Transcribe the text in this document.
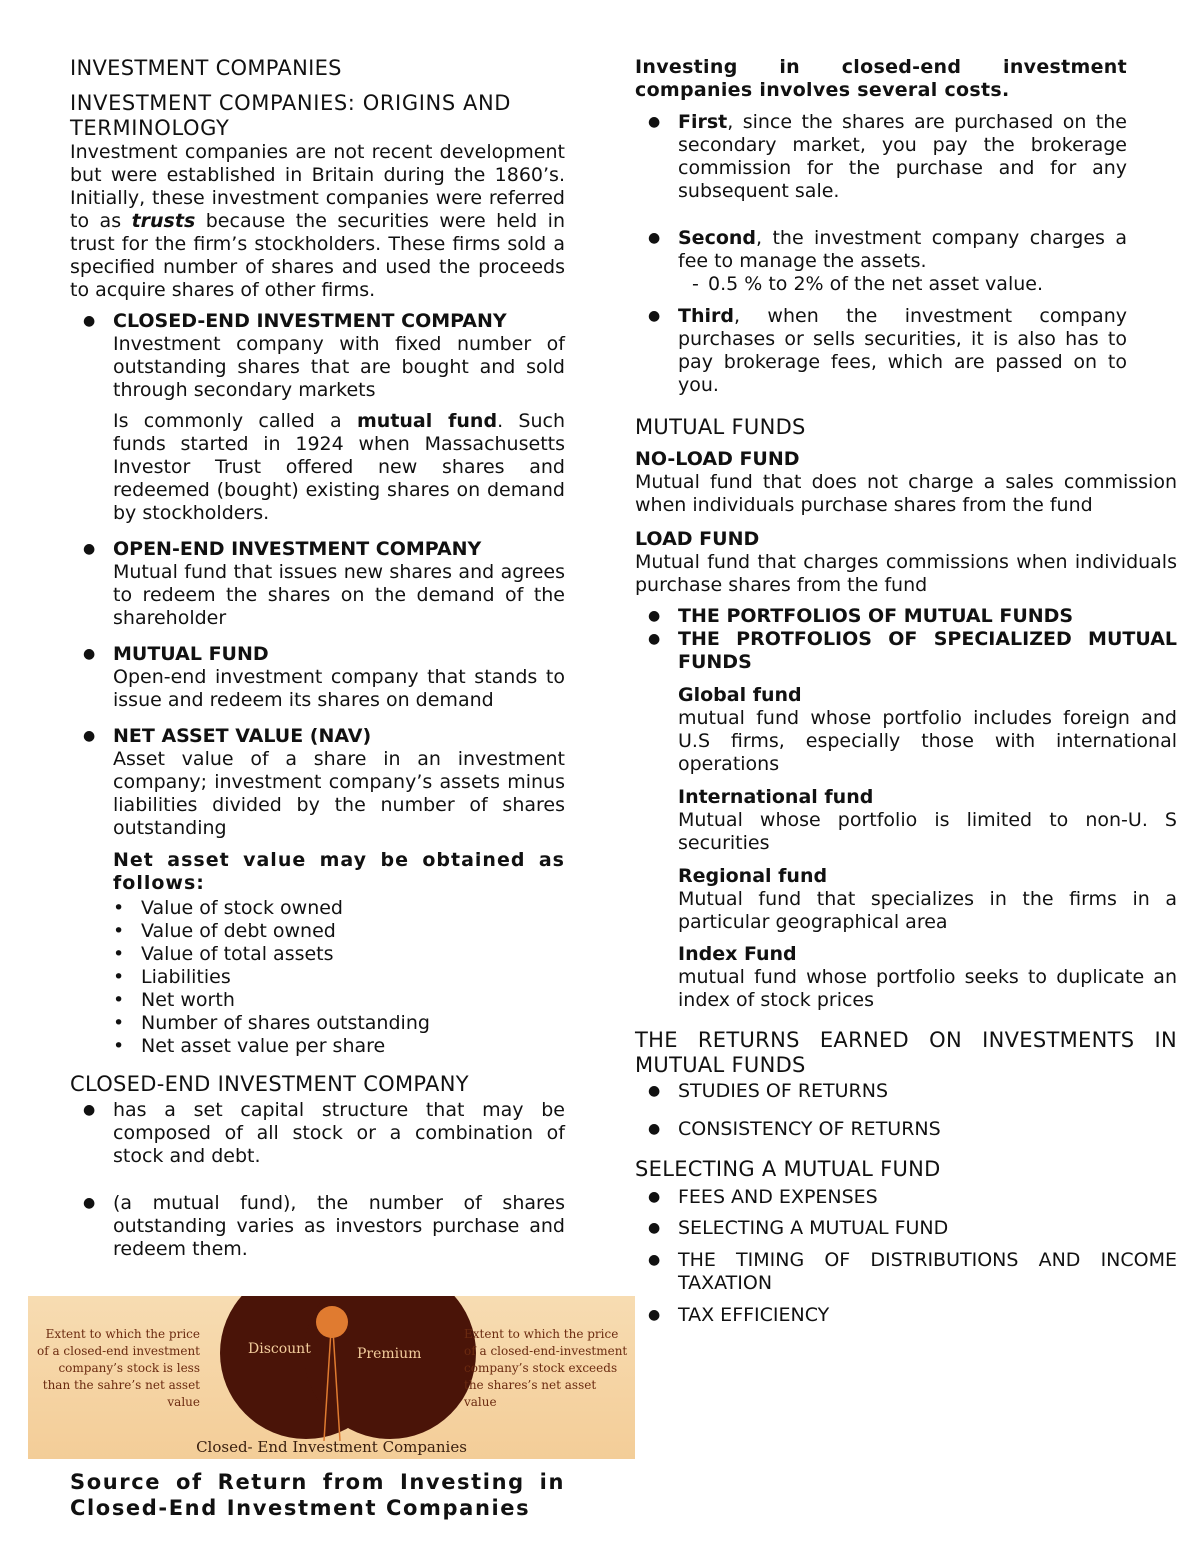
INVESTMENT COMPANIES

INVESTMENT COMPANIES: ORIGINS AND TERMINOLOGY

Investment companies are not recent development but were established in Britain during the 1860’s. Initially, these investment companies were referred to as trusts because the securities were held in trust for the firm’s stockholders. These firms sold a specified number of shares and used the proceeds to acquire shares of other firms.

● CLOSED-END INVESTMENT COMPANY

Investment company with fixed number of outstanding shares that are bought and sold through secondary markets

Is commonly called a mutual fund. Such funds started in 1924 when Massachusetts Investor Trust offered new shares and redeemed (bought) existing shares on demand by stockholders.

● OPEN-END INVESTMENT COMPANY

Mutual fund that issues new shares and agrees to redeem the shares on the demand of the shareholder

● MUTUAL FUND

Open-end investment company that stands to issue and redeem its shares on demand

● NET ASSET VALUE (NAV)

Asset value of a share in an investment company; investment company’s assets minus liabilities divided by the number of shares outstanding

Net asset value may be obtained as follows:

• Value of stock owned
• Value of debt owned
• Value of total assets
• Liabilities
• Net worth
• Number of shares outstanding
• Net asset value per share

CLOSED-END INVESTMENT COMPANY

● has a set capital structure that may be composed of all stock or a combination of stock and debt.

● (a mutual fund), the number of shares outstanding varies as investors purchase and redeem them.

Extent to which the price of a closed-end investment company’s stock is less than the sahre’s net asset value
Extent to which the price of a closed-end-investment company’s stock exceeds the shares’s net asset value
Discount	Premium
Closed- End Investment Companies

Source of Return from Investing in Closed-End Investment Companies

Investing in closed-end investment companies involves several costs.

● First, since the shares are purchased on the secondary market, you pay the brokerage commission for the purchase and for any subsequent sale.

● Second, the investment company charges a fee to manage the assets.

- 0.5 % to 2% of the net asset value.

● Third, when the investment company purchases or sells securities, it is also has to pay brokerage fees, which are passed on to you.

MUTUAL FUNDS

NO-LOAD FUND

Mutual fund that does not charge a sales commission when individuals purchase shares from the fund

LOAD FUND

Mutual fund that charges commissions when individuals purchase shares from the fund

● THE PORTFOLIOS OF MUTUAL FUNDS

● THE PROTFOLIOS OF SPECIALIZED MUTUAL FUNDS

Global fund

mutual fund whose portfolio includes foreign and U.S firms, especially those with international operations

International fund

Mutual whose portfolio is limited to non-U. S securities

Regional fund

Mutual fund that specializes in the firms in a particular geographical area

Index Fund

mutual fund whose portfolio seeks to duplicate an index of stock prices

THE RETURNS EARNED ON INVESTMENTS IN MUTUAL FUNDS

● STUDIES OF RETURNS
● CONSISTENCY OF RETURNS

SELECTING A MUTUAL FUND

● FEES AND EXPENSES
● SELECTING A MUTUAL FUND

● THE TIMING OF DISTRIBUTIONS AND INCOME TAXATION

● TAX EFFICIENCY
